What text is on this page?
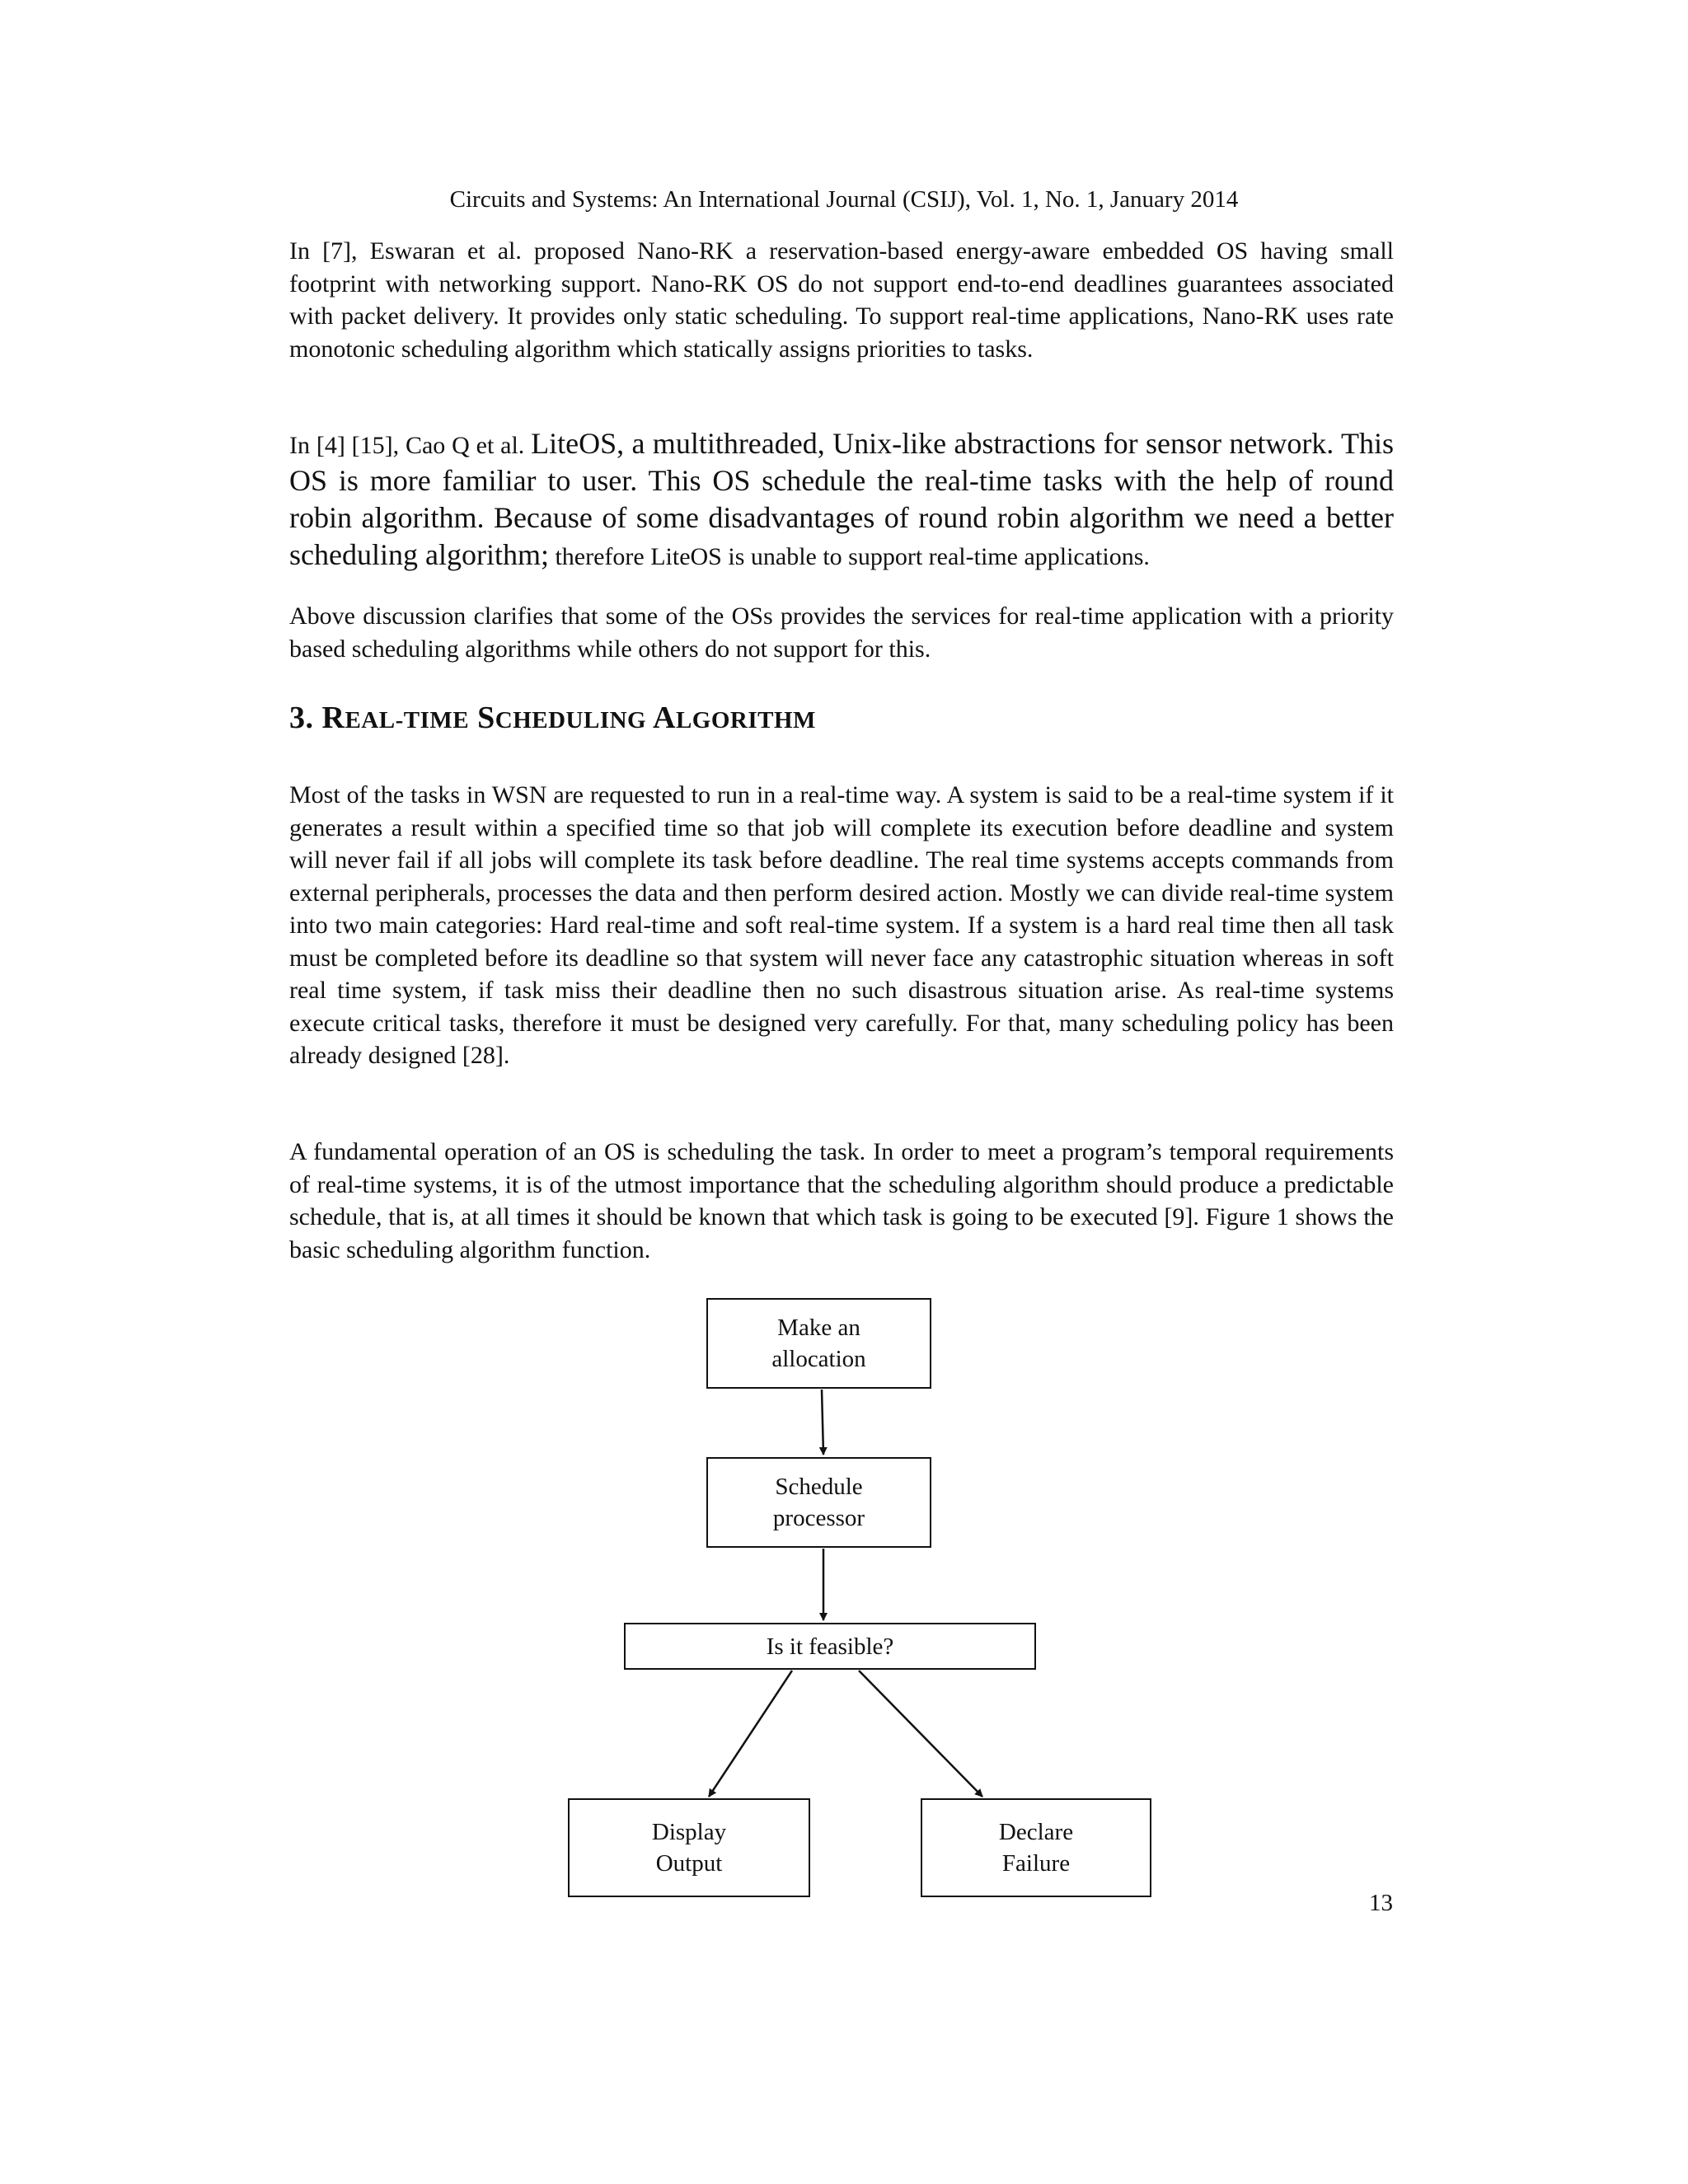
Circuits and Systems: An International Journal (CSIJ), Vol. 1, No. 1, January 2014

In [7], Eswaran et al. proposed Nano-RK a reservation-based energy-aware embedded OS having small footprint with networking support. Nano-RK OS do not support end-to-end deadlines guarantees associated with packet delivery. It provides only static scheduling. To support real-time applications, Nano-RK uses rate monotonic scheduling algorithm which statically assigns priorities to tasks.

In [4] [15], Cao Q et al. LiteOS, a multithreaded, Unix-like abstractions for sensor network. This OS is more familiar to user. This OS schedule the real-time tasks with the help of round robin algorithm. Because of some disadvantages of round robin algorithm we need a better scheduling algorithm; therefore LiteOS is unable to support real-time applications.

Above discussion clarifies that some of the OSs provides the services for real-time application with a priority based scheduling algorithms while others do not support for this.

3. REAL-TIME SCHEDULING ALGORITHM

Most of the tasks in WSN are requested to run in a real-time way. A system is said to be a real-time system if it generates a result within a specified time so that job will complete its execution before deadline and system will never fail if all jobs will complete its task before deadline. The real time systems accepts commands from external peripherals, processes the data and then perform desired action. Mostly we can divide real-time system into two main categories: Hard real-time and soft real-time system. If a system is a hard real time then all task must be completed before its deadline so that system will never face any catastrophic situation whereas in soft real time system, if task miss their deadline then no such disastrous situation arise. As real-time systems execute critical tasks, therefore it must be designed very carefully. For that, many scheduling policy has been already designed [28].

A fundamental operation of an OS is scheduling the task. In order to meet a program’s temporal requirements of real-time systems, it is of the utmost importance that the scheduling algorithm should produce a predictable schedule, that is, at all times it should be known that which task is going to be executed [9]. Figure 1 shows the basic scheduling algorithm function.

Make an
allocation
Schedule
processor
Is it feasible?
Display
Output
Declare
Failure
13
